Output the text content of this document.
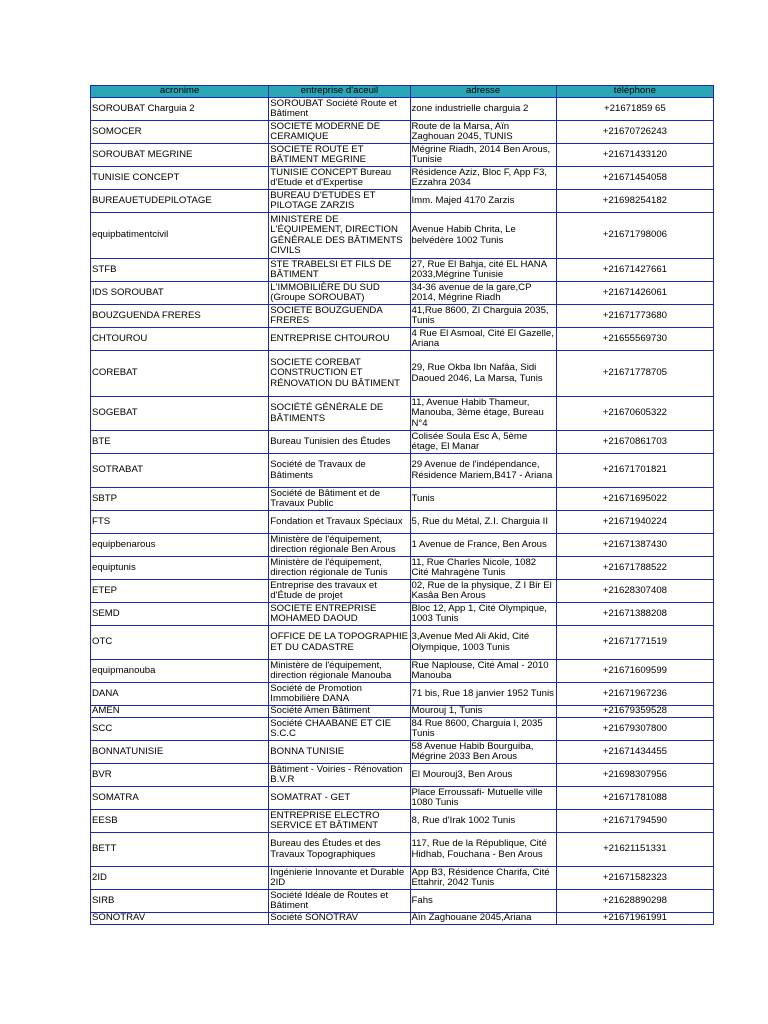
acronime	entreprise d'aceuil	adresse	téléphone
SOROUBAT Charguia 2	SOROUBAT Société Route et Bâtiment	zone industrielle charguia 2	+21671859 65
SOMOCER	SOCIETE MODERNE DE CERAMIQUE	Route de la Marsa, Aïn Zaghouan 2045, TUNIS	+21670726243
SOROUBAT MEGRINE	SOCIETE ROUTE ET BÂTIMENT MEGRINE	Mégrine Riadh, 2014 Ben Arous, Tunisie	+21671433120
TUNISIE CONCEPT	TUNISIE CONCEPT Bureau d'Etude et d'Expertise	Résidence Aziz, Bloc F, App F3, Ezzahra 2034	+21671454058
BUREAUETUDEPILOTAGE	BUREAU D'ETUDES ET PILOTAGE ZARZIS	Imm. Majed 4170 Zarzis	+21698254182
equipbatimentcivil	MINISTERE DE L'ÉQUIPEMENT, DIRECTION GÉNÉRALE DES BÂTIMENTS CIVILS	Avenue Habib Chrita, Le belvédère 1002 Tunis	+21671798006
STFB	STE TRABELSI ET FILS DE BÂTIMENT	27, Rue El Bahja, cité EL HANA 2033,Mégrine Tunisie	+21671427661
IDS SOROUBAT	L'IMMOBILIÈRE DU SUD (Groupe SOROUBAT)	34-36 avenue de la gare,CP 2014, Mégrine Riadh	+21671426061
BOUZGUENDA FRERES	SOCIETE BOUZGUENDA FRERES	41,Rue 8600, ZI Charguia 2035, Tunis	+21671773680
CHTOUROU	ENTREPRISE CHTOUROU	4 Rue El Asmoal, Cité El Gazelle, Ariana	+21655569730
COREBAT	SOCIETE COREBAT CONSTRUCTION ET RÉNOVATION DU BÂTIMENT	29, Rue Okba Ibn Nafâa, Sidi Daoued 2046, La Marsa, Tunis	+21671778705
SOGEBAT	SOCIÉTÉ GÉNÉRALE DE BÂTIMENTS	11, Avenue Habib Thameur, Manouba, 3ème étage, Bureau N°4	+21670605322
BTE	Bureau Tunisien des Études	Colisée Soula Esc A, 5ème étage, El Manar	+21670861703
SOTRABAT	Société de Travaux de Bâtiments	29 Avenue de l'indépendance, Résidence Mariem,B417 - Ariana	+21671701821
SBTP	Société de Bâtiment et de Travaux Public	Tunis	+21671695022
FTS	Fondation et Travaux Spéciaux	5, Rue du Métal, Z.I. Charguia II	+21671940224
equipbenarous	Ministère de l'équipement, direction régionale Ben Arous	1 Avenue de France, Ben Arous	+21671387430
equiptunis	Ministère de l'équipement, direction régionale de Tunis	11, Rue Charles Nicole, 1082 Cité Mahragène Tunis	+21671788522
ETEP	Entreprise des travaux et d'Étude de projet	02, Rue de la physique, Z I Bir El Kasâa Ben Arous	+21628307408
SEMD	SOCIETE ENTREPRISE MOHAMED DAOUD	Bloc 12, App 1, Cité Olympique, 1003 Tunis	+21671388208
OTC	OFFICE DE LA TOPOGRAPHIE ET DU CADASTRE	3,Avenue Med Ali Akid, Cité Olympique, 1003 Tunis	+21671771519
equipmanouba	Ministère de l'équipement, direction régionale Manouba	Rue Naplouse, Cité Amal - 2010 Manouba	+21671609599
DANA	Société de Promotion Immobilière DANA	71 bis, Rue 18 janvier 1952 Tunis	+21671967236
AMEN	Société Amen Bâtiment	Mourouj 1, Tunis	+21679359528
SCC	Société CHAABANE ET CIE S.C.C	84 Rue 8600, Charguia I, 2035 Tunis	+21679307800
BONNATUNISIE	BONNA TUNISIE	58 Avenue Habib Bourguiba, Mégrine 2033 Ben Arous	+21671434455
BVR	Bâtiment - Voiries - Rénovation B.V.R	El Mourouj3, Ben Arous	+21698307956
SOMATRA	SOMATRAT - GET	Place Erroussafi- Mutuelle ville 1080 Tunis	+21671781088
EESB	ENTREPRISE ELECTRO SERVICE ET BÂTIMENT	8, Rue d'Irak 1002 Tunis	+21671794590
BETT	Bureau des Études et des Travaux Topographiques	117, Rue de la République, Cité Hidhab, Fouchana - Ben Arous	+21621151331
2ID	Ingénierie Innovante et Durable 2ID	App B3, Résidence Charifa, Cité Ettahrir, 2042 Tunis	+21671582323
SIRB	Société Idéale de Routes et Bâtiment	Fahs	+21628890298
SONOTRAV	Société SONOTRAV	Aïn Zaghouane 2045,Ariana	+21671961991
